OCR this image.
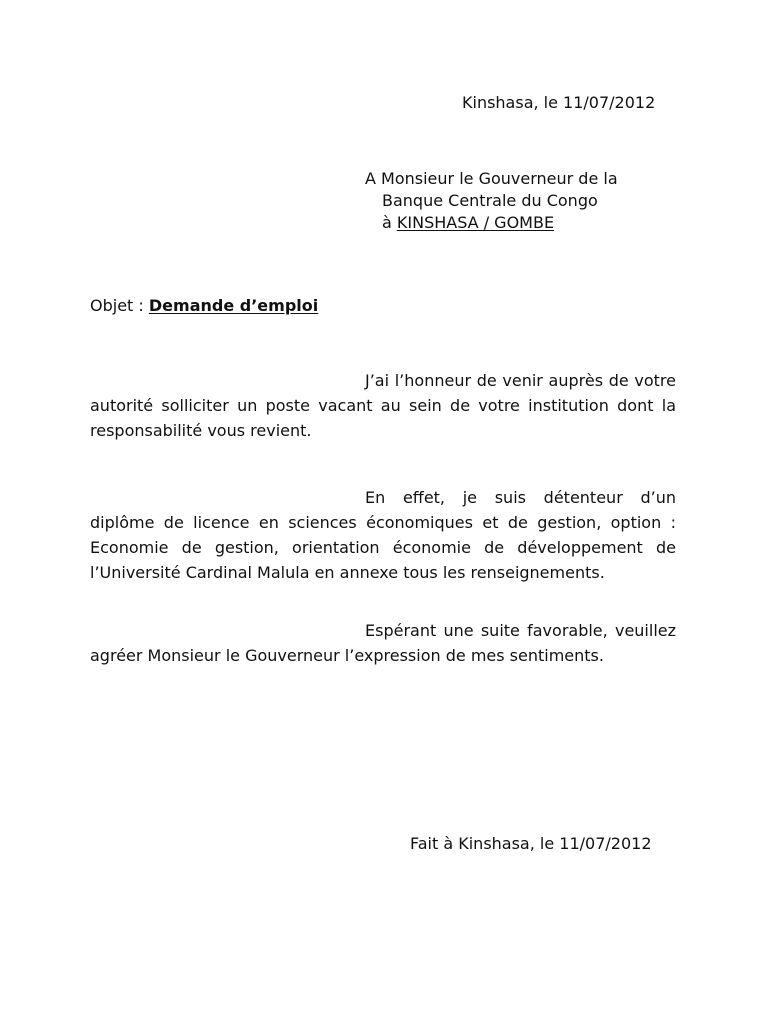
Kinshasa, le 11/07/2012
A Monsieur le Gouverneur de la
Banque Centrale du Congo
à KINSHASA / GOMBE
Objet : Demande d’emploi
J’ai l’honneur de venir auprès de votre
autorité solliciter un poste vacant au sein de votre institution dont la
responsabilité vous revient.
En effet, je suis détenteur d’un
diplôme de licence en sciences économiques et de gestion, option :
Economie de gestion, orientation économie de développement de
l’Université Cardinal Malula en annexe tous les renseignements.
Espérant une suite favorable, veuillez
agréer Monsieur le Gouverneur l’expression de mes sentiments.
Fait à Kinshasa, le 11/07/2012
